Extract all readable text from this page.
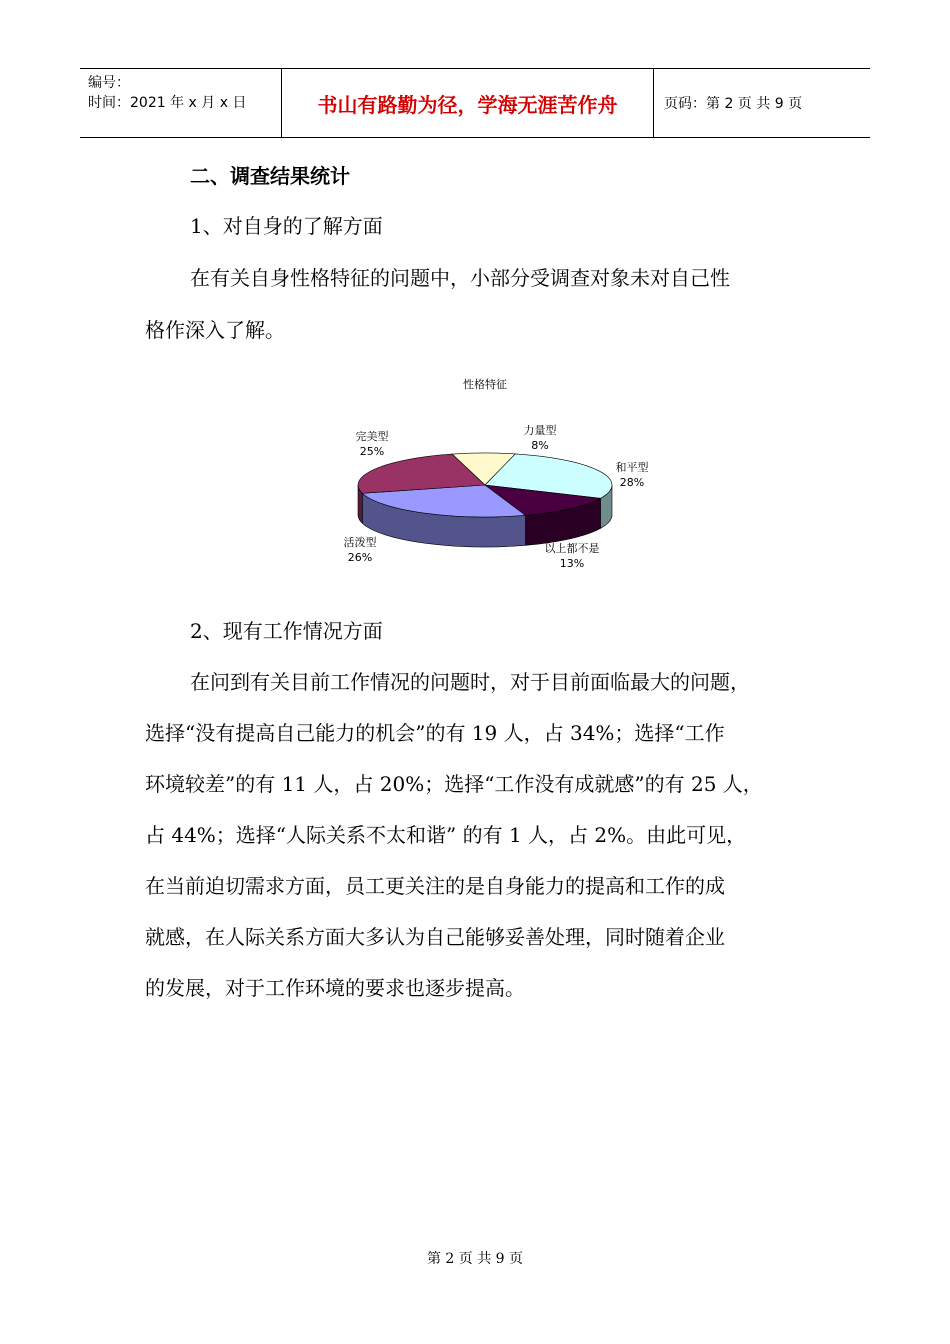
编号：
时间：2021 年 x 月 x 日	书山有路勤为径，学海无涯苦作舟	页码：第 2 页 共 9 页
二、调查结果统计
1、对自身的了解方面
在有关自身性格特征的问题中，小部分受调查对象未对自己性
格作深入了解。
性格特征
力量型 8%
和平型 28%
以上都不是 13%
活泼型 26%
完美型 25%
2、现有工作情况方面
在问到有关目前工作情况的问题时，对于目前面临最大的问题，
选择“没有提高自己能力的机会”的有 19 人，占 34%；选择“工作
环境较差”的有 11 人，占 20%；选择“工作没有成就感”的有 25 人，
占 44%；选择“人际关系不太和谐” 的有 1 人，占 2%。由此可见，
在当前迫切需求方面，员工更关注的是自身能力的提高和工作的成
就感，在人际关系方面大多认为自己能够妥善处理，同时随着企业
的发展，对于工作环境的要求也逐步提高。
第 2 页 共 9 页
